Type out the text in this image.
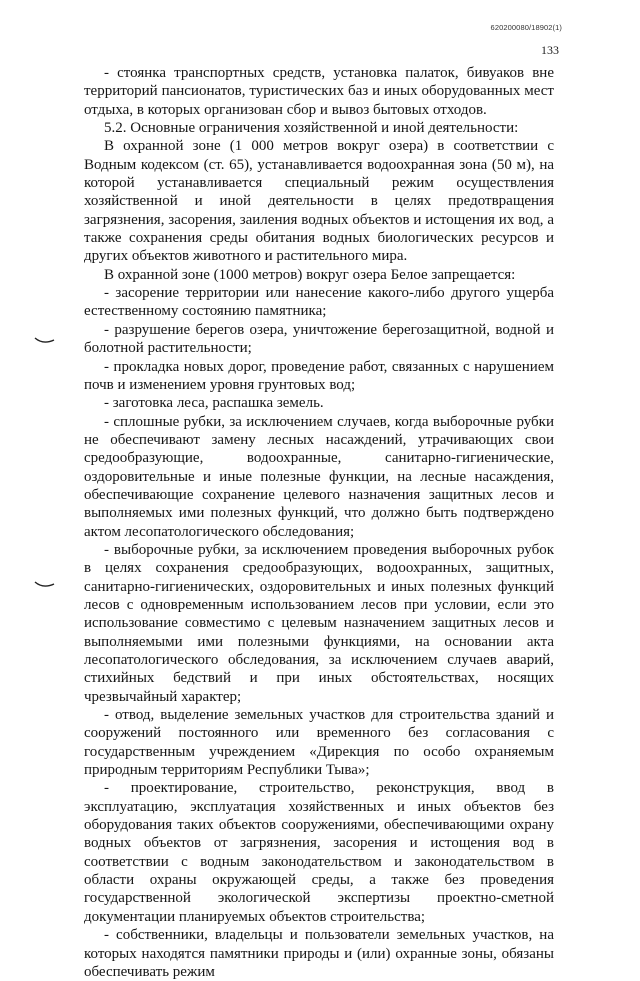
620200080/18902(1)
133

- стоянка транспортных средств, установка палаток, бивуаков вне территорий пансионатов, туристических баз и иных оборудованных мест отдыха, в которых организован сбор и вывоз бытовых отходов.

5.2. Основные ограничения хозяйственной и иной деятельности:

В охранной зоне (1 000 метров вокруг озера) в соответствии с Водным кодексом (ст. 65), устанавливается водоохранная зона (50 м), на которой устанавливается специальный режим осуществления хозяйственной и иной деятельности в целях предотвращения загрязнения, засорения, заиления водных объектов и истощения их вод, а также сохранения среды обитания водных биологических ресурсов и других объектов животного и растительного мира.

В охранной зоне (1000 метров) вокруг озера Белое запрещается:

- засорение территории или нанесение какого-либо другого ущерба естественному состоянию памятника;

- разрушение берегов озера, уничтожение берегозащитной, водной и болотной растительности;

- прокладка новых дорог, проведение работ, связанных с нарушением почв и изменением уровня грунтовых вод;

- заготовка леса, распашка земель.

- сплошные рубки, за исключением случаев, когда выборочные рубки не обеспечивают замену лесных насаждений, утрачивающих свои средообразующие, водоохранные, санитарно-гигиенические, оздоровительные и иные полезные функции, на лесные насаждения, обеспечивающие сохранение целевого назначения защитных лесов и выполняемых ими полезных функций, что должно быть подтверждено актом лесопатологического обследования;

- выборочные рубки, за исключением проведения выборочных рубок в целях сохранения средообразующих, водоохранных, защитных, санитарно-гигиенических, оздоровительных и иных полезных функций лесов с одновременным использованием лесов при условии, если это использование совместимо с целевым назначением защитных лесов и выполняемыми ими полезными функциями, на основании акта лесопатологического обследования, за исключением случаев аварий, стихийных бедствий и при иных обстоятельствах, носящих чрезвычайный характер;

- отвод, выделение земельных участков для строительства зданий и сооружений постоянного или временного без согласования с государственным учреждением «Дирекция по особо охраняемым природным территориям Республики Тыва»;

- проектирование, строительство, реконструкция, ввод в эксплуатацию, эксплуатация хозяйственных и иных объектов без оборудования таких объектов сооружениями, обеспечивающими охрану водных объектов от загрязнения, засорения и истощения вод в соответствии с водным законодательством и законодательством в области охраны окружающей среды, а также без проведения государственной экологической экспертизы проектно-сметной документации планируемых объектов строительства;

- собственники, владельцы и пользователи земельных участков, на которых находятся памятники природы и (или) охранные зоны, обязаны обеспечивать режим
